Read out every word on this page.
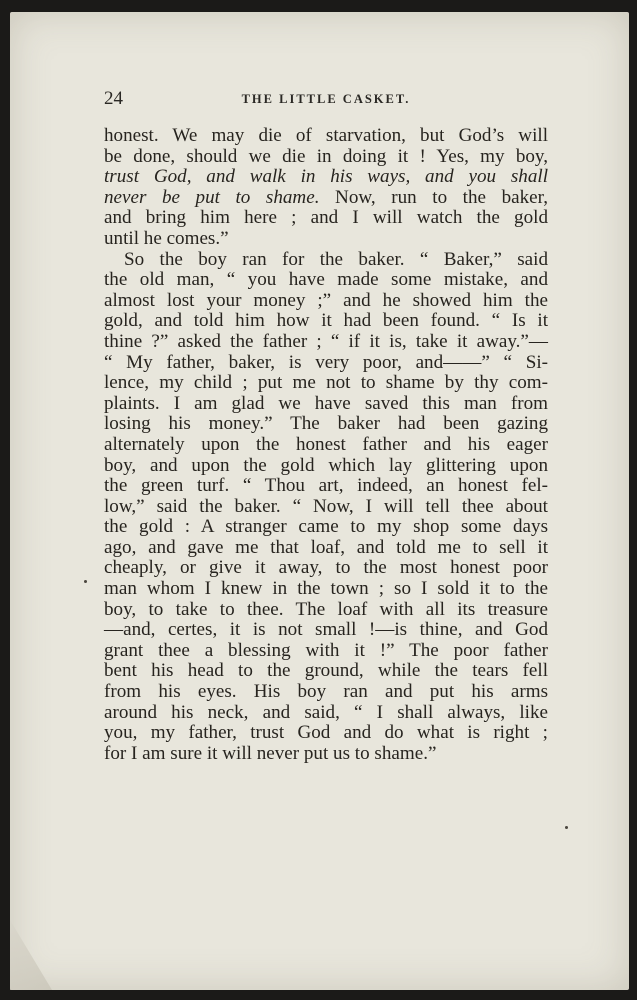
24	THE LITTLE CASKET.
honest. We may die of starvation, but God’s will
be done, should we die in doing it ! Yes, my boy,
trust God, and walk in his ways, and you shall
never be put to shame. Now, run to the baker,
and bring him here ; and I will watch the gold
until he comes.”
So the boy ran for the baker. “ Baker,” said
the old man, “ you have made some mistake, and
almost lost your money ;” and he showed him the
gold, and told him how it had been found. “ Is it
thine ?” asked the father ; “ if it is, take it away.”—
“ My father, baker, is very poor, and——” “ Si-
lence, my child ; put me not to shame by thy com-
plaints. I am glad we have saved this man from
losing his money.” The baker had been gazing
alternately upon the honest father and his eager
boy, and upon the gold which lay glittering upon
the green turf. “ Thou art, indeed, an honest fel-
low,” said the baker. “ Now, I will tell thee about
the gold : A stranger came to my shop some days
ago, and gave me that loaf, and told me to sell it
cheaply, or give it away, to the most honest poor
man whom I knew in the town ; so I sold it to the
boy, to take to thee. The loaf with all its treasure
—and, certes, it is not small !—is thine, and God
grant thee a blessing with it !” The poor father
bent his head to the ground, while the tears fell
from his eyes. His boy ran and put his arms
around his neck, and said, “ I shall always, like
you, my father, trust God and do what is right ;
for I am sure it will never put us to shame.”
